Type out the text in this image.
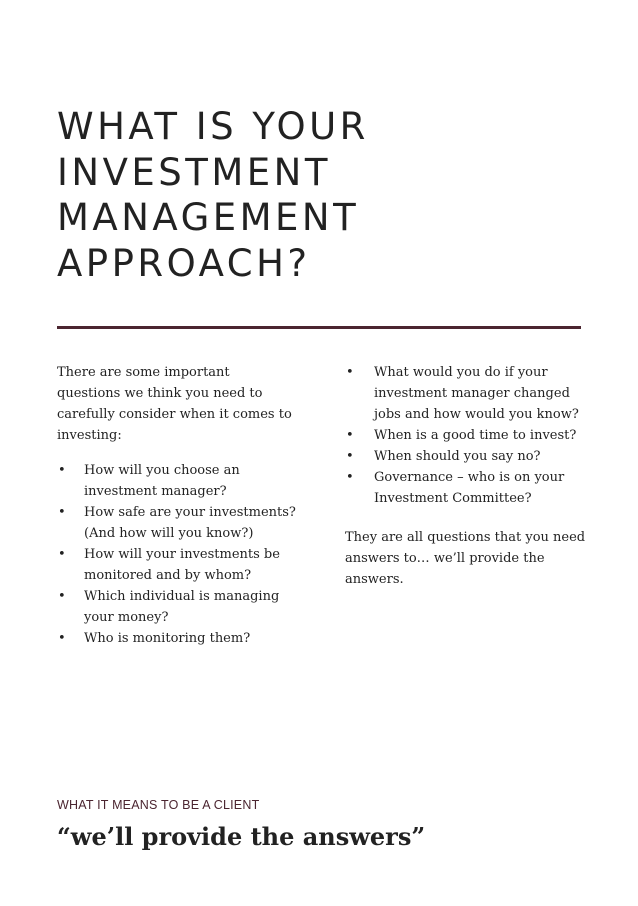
WHAT IS YOUR
INVESTMENT
MANAGEMENT
APPROACH?

There are some important questions we think you need to carefully consider when it comes to investing:

• How will you choose an investment manager?
• How safe are your investments? (And how will you know?)
• How will your investments be monitored and by whom?
• Which individual is managing your money?
• Who is monitoring them?
• What would you do if your investment manager changed jobs and how would you know?
• When is a good time to invest?
• When should you say no?
• Governance – who is on your Investment Committee?

They are all questions that you need answers to… we’ll provide the answers.

WHAT IT MEANS TO BE A CLIENT
“we’ll provide the answers”
